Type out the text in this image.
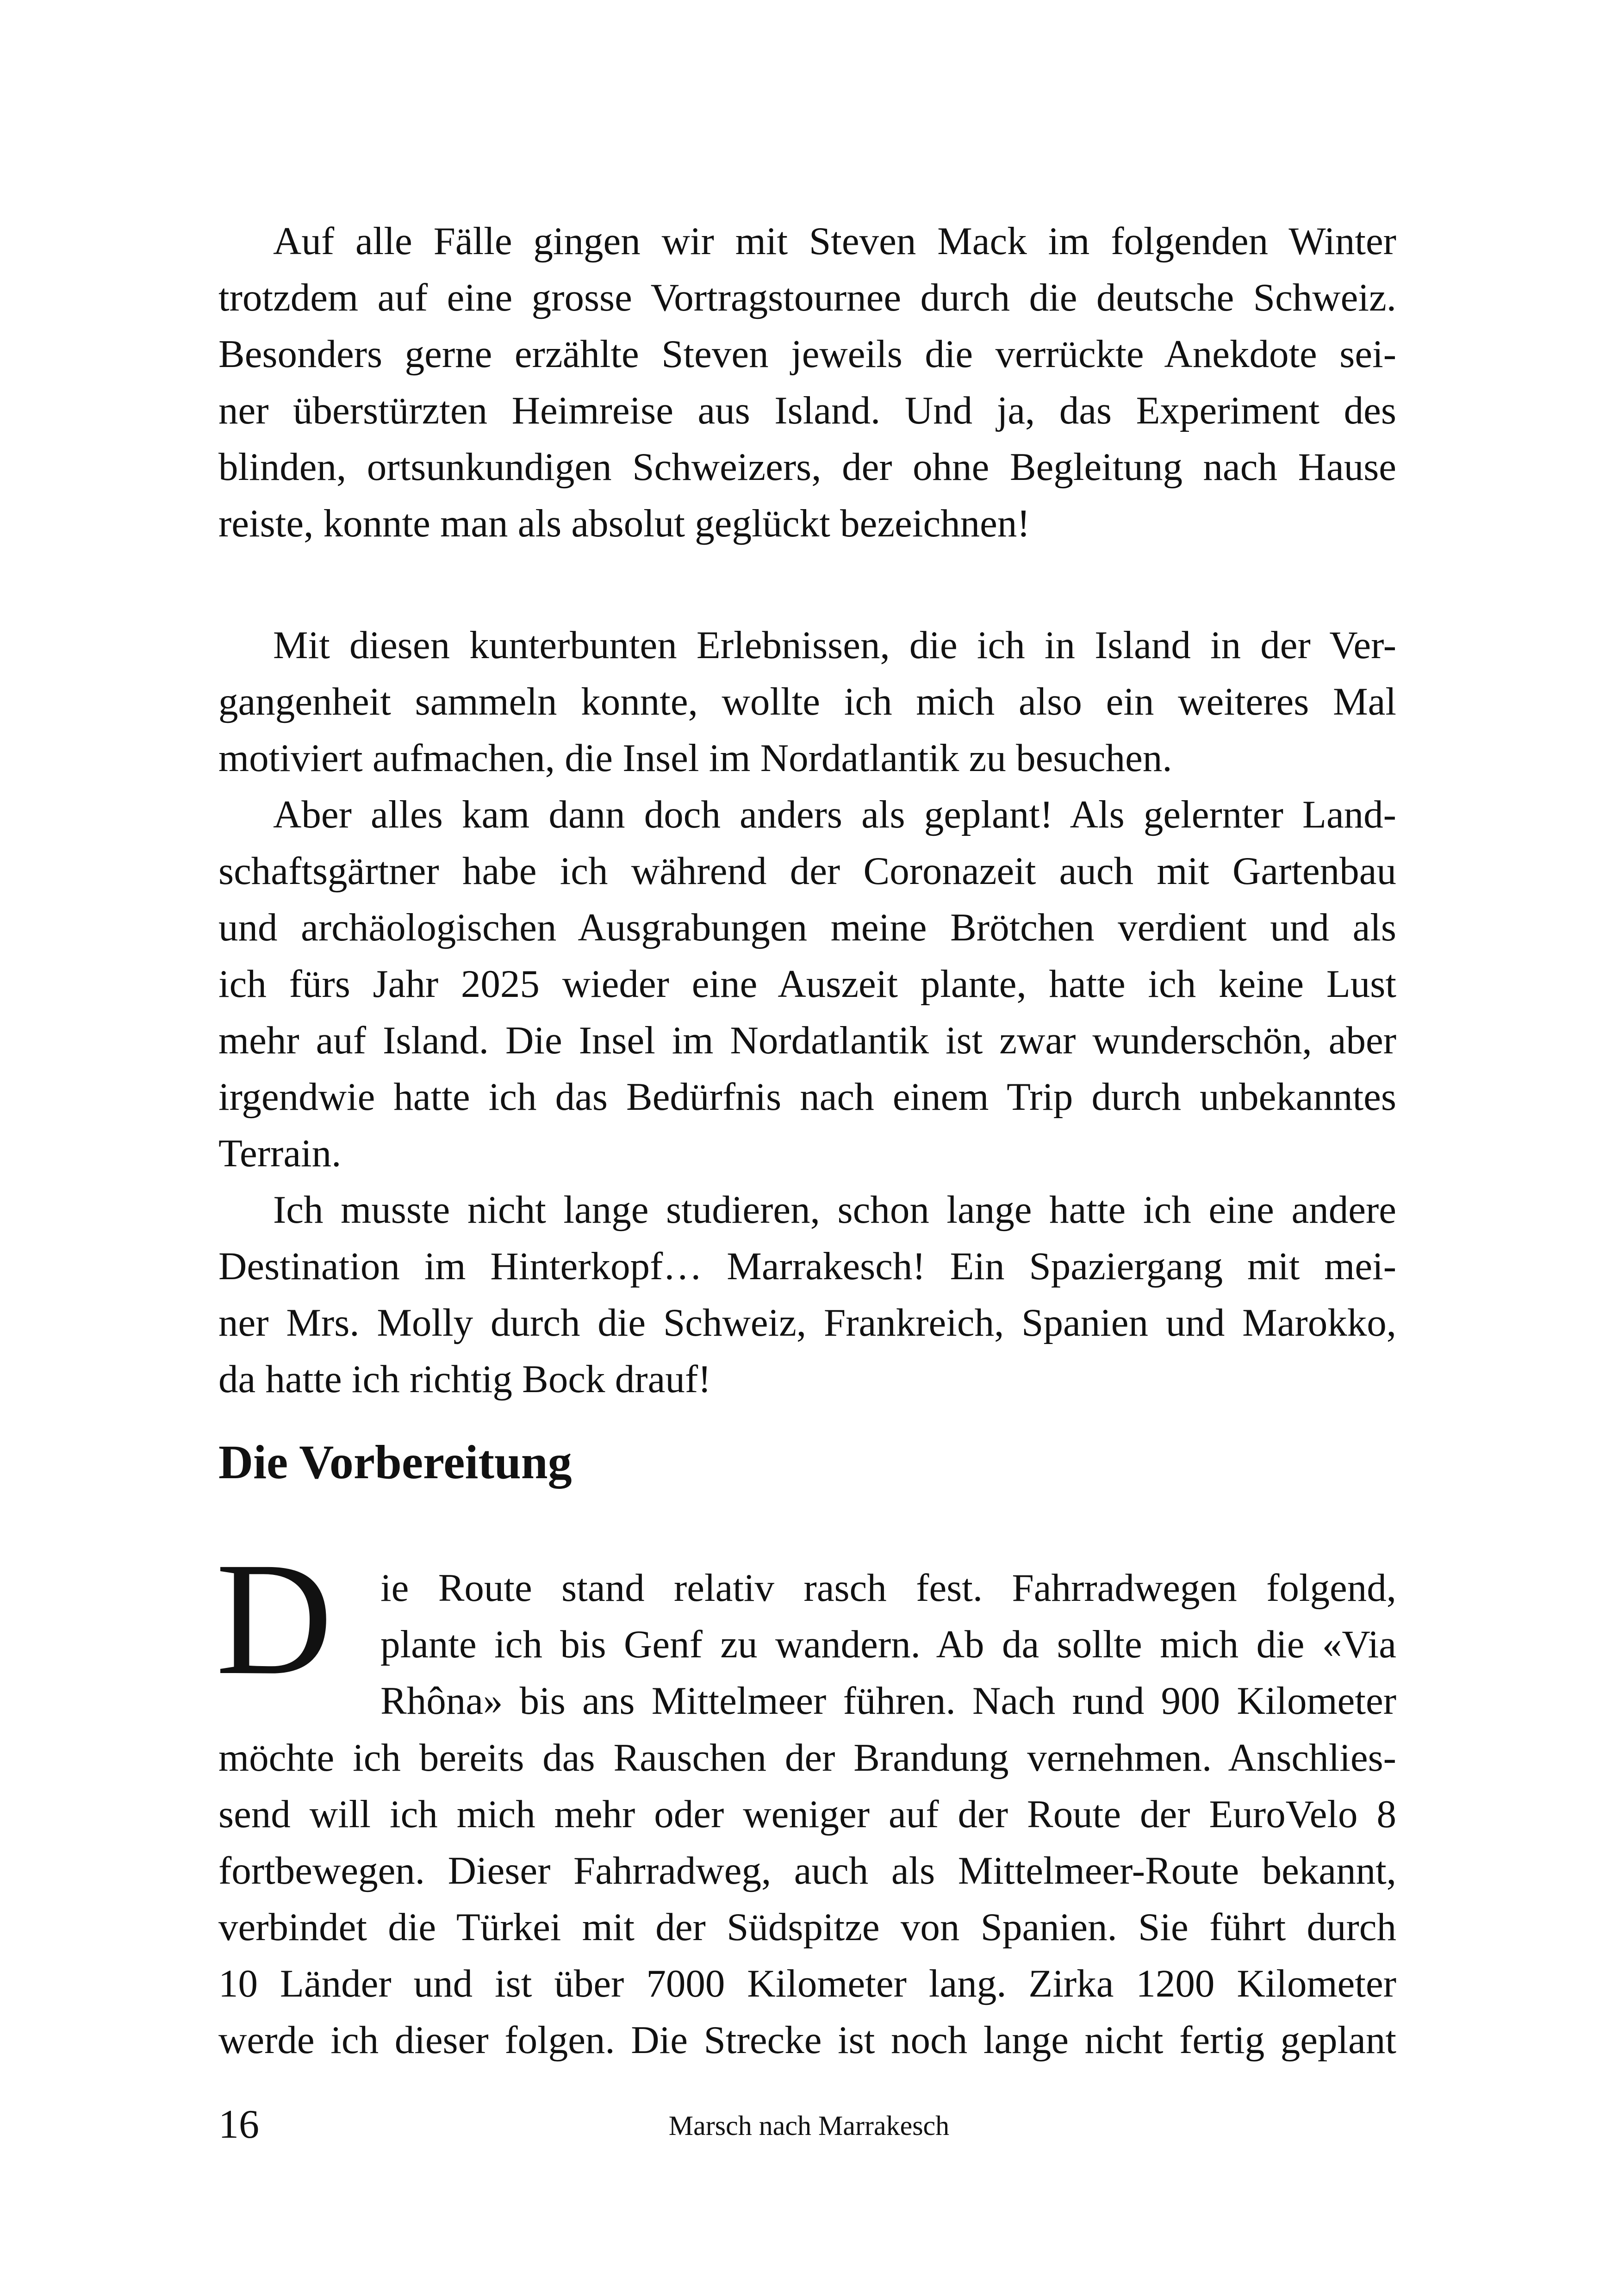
Auf alle Fälle gingen wir mit Steven Mack im folgenden Winter
trotzdem auf eine grosse Vortragstournee durch die deutsche Schweiz.
Besonders gerne erzählte Steven jeweils die verrückte Anekdote sei-
ner überstürzten Heimreise aus Island. Und ja, das Experiment des
blinden, ortsunkundigen Schweizers, der ohne Begleitung nach Hause
reiste, konnte man als absolut geglückt bezeichnen!
Mit diesen kunterbunten Erlebnissen, die ich in Island in der Ver-
gangenheit sammeln konnte, wollte ich mich also ein weiteres Mal
motiviert aufmachen, die Insel im Nordatlantik zu besuchen.
Aber alles kam dann doch anders als geplant! Als gelernter Land-
schaftsgärtner habe ich während der Coronazeit auch mit Gartenbau
und archäologischen Ausgrabungen meine Brötchen verdient und als
ich fürs Jahr 2025 wieder eine Auszeit plante, hatte ich keine Lust
mehr auf Island. Die Insel im Nordatlantik ist zwar wunderschön, aber
irgendwie hatte ich das Bedürfnis nach einem Trip durch unbekanntes
Terrain.
Ich musste nicht lange studieren, schon lange hatte ich eine andere
Destination im Hinterkopf… Marrakesch! Ein Spaziergang mit mei-
ner Mrs. Molly durch die Schweiz, Frankreich, Spanien und Marokko,
da hatte ich richtig Bock drauf!
Die Vorbereitung
D ie Route stand relativ rasch fest. Fahrradwegen folgend,
plante ich bis Genf zu wandern. Ab da sollte mich die «Via
Rhôna» bis ans Mittelmeer führen. Nach rund 900 Kilometer
möchte ich bereits das Rauschen der Brandung vernehmen. Anschlies-
send will ich mich mehr oder weniger auf der Route der EuroVelo 8
fortbewegen. Dieser Fahrradweg, auch als Mittelmeer-Route bekannt,
verbindet die Türkei mit der Südspitze von Spanien. Sie führt durch
10 Länder und ist über 7000 Kilometer lang. Zirka 1200 Kilometer
werde ich dieser folgen. Die Strecke ist noch lange nicht fertig geplant
16	Marsch nach Marrakesch
